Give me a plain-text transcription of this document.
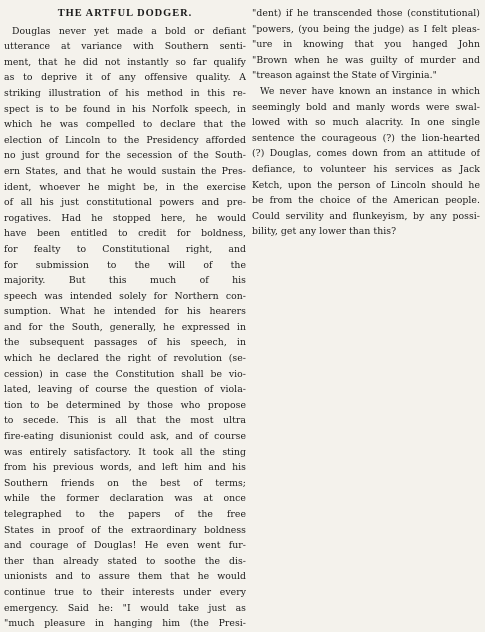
THE ARTFUL DODGER.
Douglas never yet made a bold or defiant
utterance at variance with Southern senti-
ment, that he did not instantly so far qualify
as to deprive it of any offensive quality. A
striking illustration of his method in this re-
spect is to be found in his Norfolk speech, in
which he was compelled to declare that the
election of Lincoln to the Presidency afforded
no just ground for the secession of the South-
ern States, and that he would sustain the Pres-
ident, whoever he might be, in the exercise
of all his just constitutional powers and pre-
rogatives. Had he stopped here, he would
have been entitled to credit for boldness,
for fealty to Constitutional right, and
for submission to the will of the
majority. But this much of his
speech was intended solely for Northern con-
sumption. What he intended for his hearers
and for the South, generally, he expressed in
the subsequent passages of his speech, in
which he declared the right of revolution (se-
cession) in case the Constitution shall be vio-
lated, leaving of course the question of viola-
tion to be determined by those who propose
to secede. This is all that the most ultra
fire-eating disunionist could ask, and of course
was entirely satisfactory. It took all the sting
from his previous words, and left him and his
Southern friends on the best of terms;
while the former declaration was at once
telegraphed to the papers of the free
States in proof of the extraordinary boldness
and courage of Douglas! He even went fur-
ther than already stated to soothe the dis-
unionists and to assure them that he would
continue true to their interests under every
emergency. Said he: "I would take just as
"much pleasure in hanging him (the Presi-
"dent) if he transcended those (constitutional)
"powers, (you being the judge) as I felt pleas-
"ure in knowing that you hanged John
"Brown when he was guilty of murder and
"treason against the State of Virginia."
We never have known an instance in which
seemingly bold and manly words were swal-
lowed with so much alacrity. In one single
sentence the courageous (?) the lion-hearted
(?) Douglas, comes down from an attitude of
defiance, to volunteer his services as Jack
Ketch, upon the person of Lincoln should he
be from the choice of the American people.
Could servility and flunkeyism, by any possi-
bility, get any lower than this?
